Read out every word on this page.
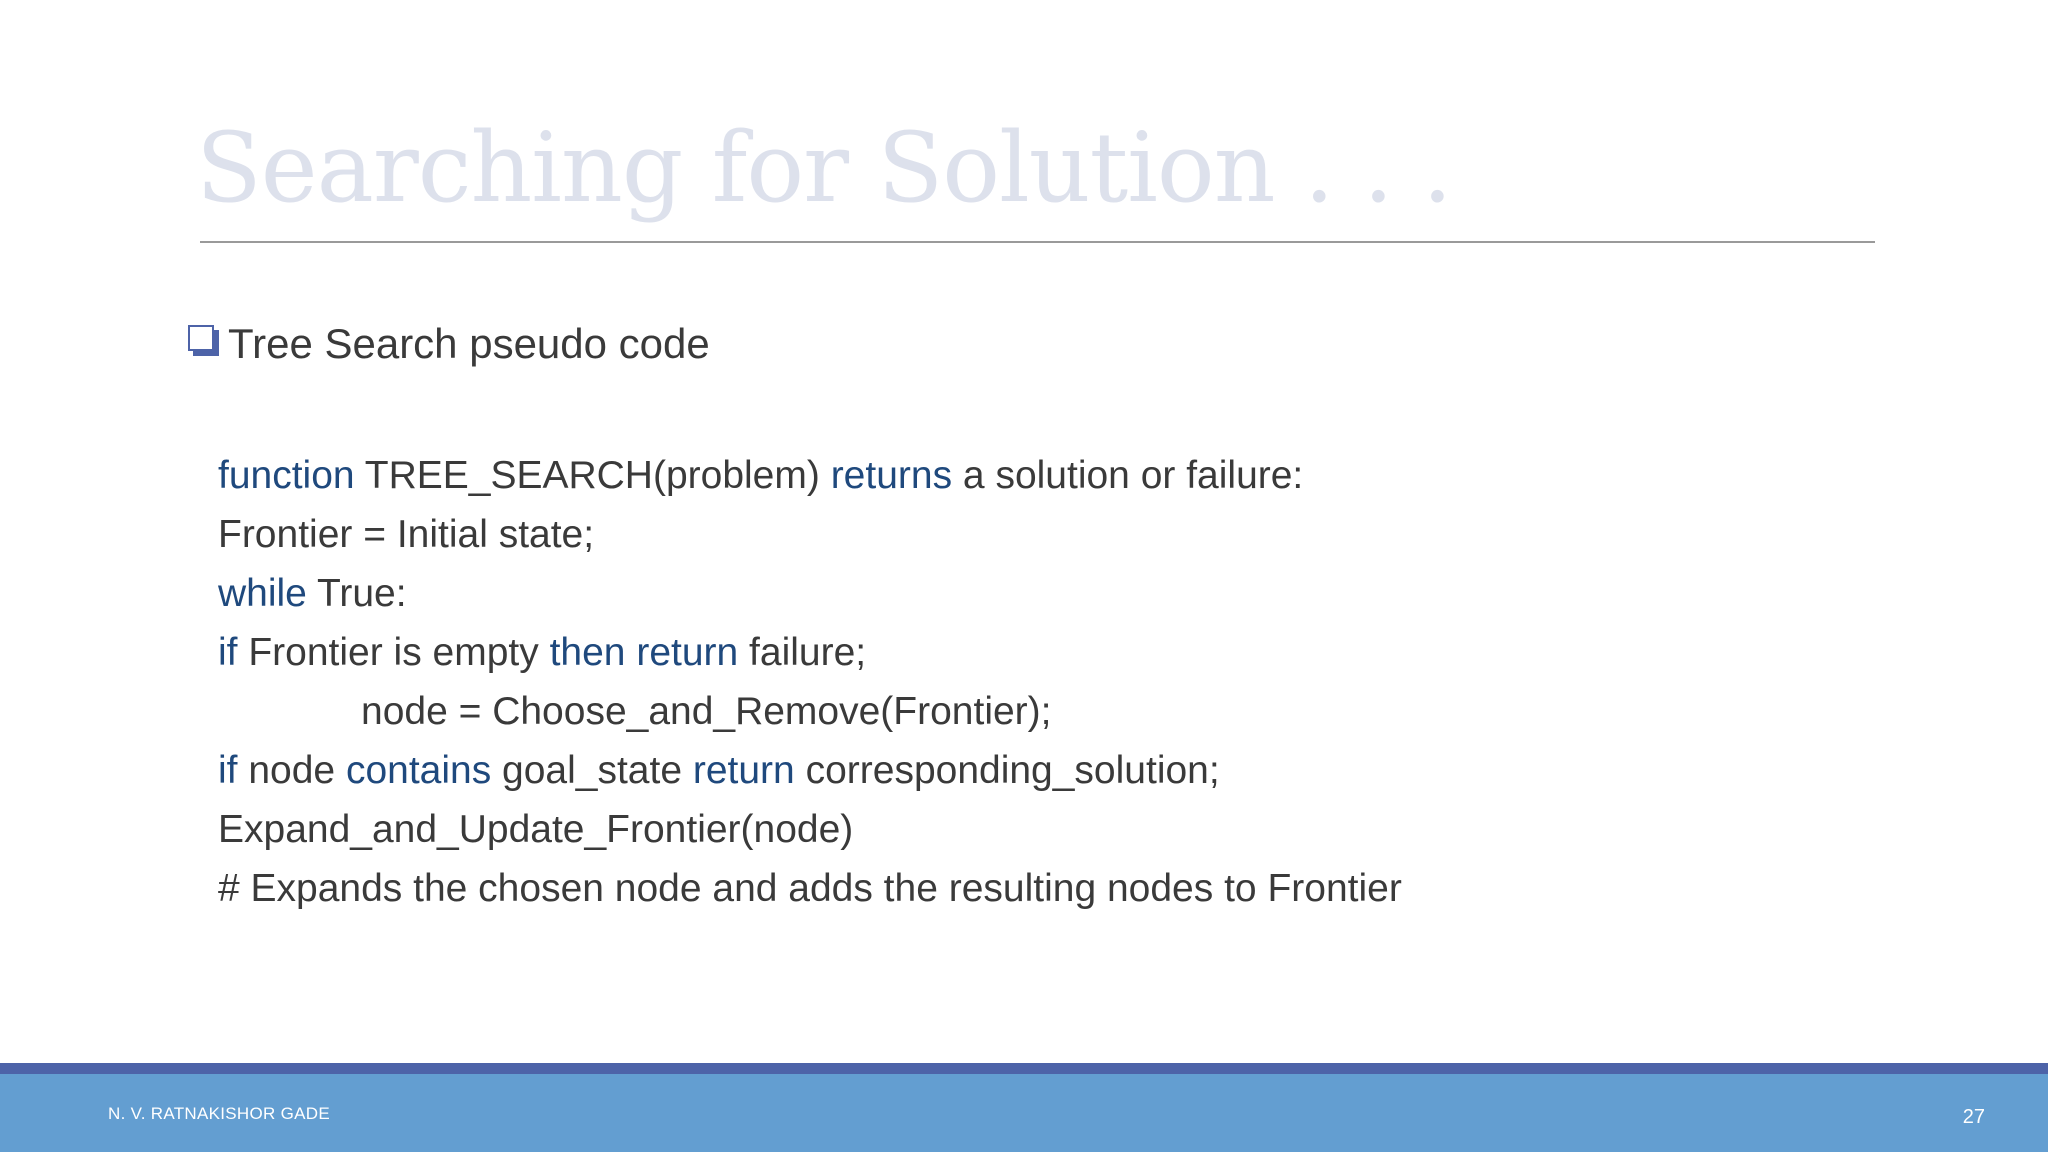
Searching for Solution . . .
Tree Search pseudo code
function TREE_SEARCH(problem) returns a solution or failure:
Frontier = Initial state;
while True:
if Frontier is empty then return failure;
node = Choose_and_Remove(Frontier);
if node contains goal_state return corresponding_solution;
Expand_and_Update_Frontier(node)
# Expands the chosen node and adds the resulting nodes to Frontier
N. V. RATNAKISHOR GADE	27
